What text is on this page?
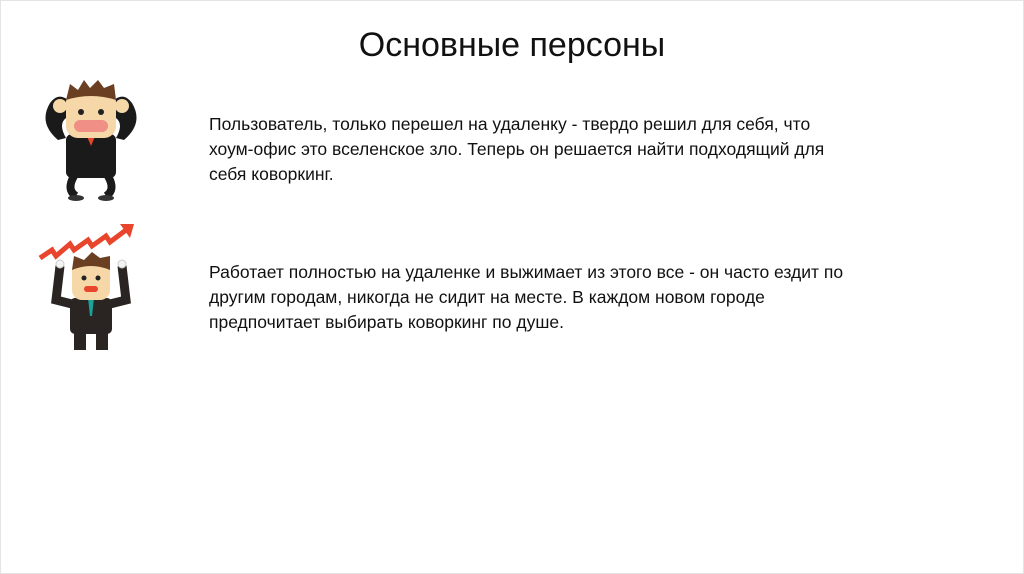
Основные персоны
Пользователь, только перешел на удаленку - твердо решил для себя, что
хоум-офис это вселенское зло. Теперь он решается найти подходящий для
себя коворкинг.
Работает полностью на удаленке и выжимает из этого все - он часто ездит по
другим городам, никогда не сидит на месте. В каждом новом городе
предпочитает выбирать коворкинг по душе.
